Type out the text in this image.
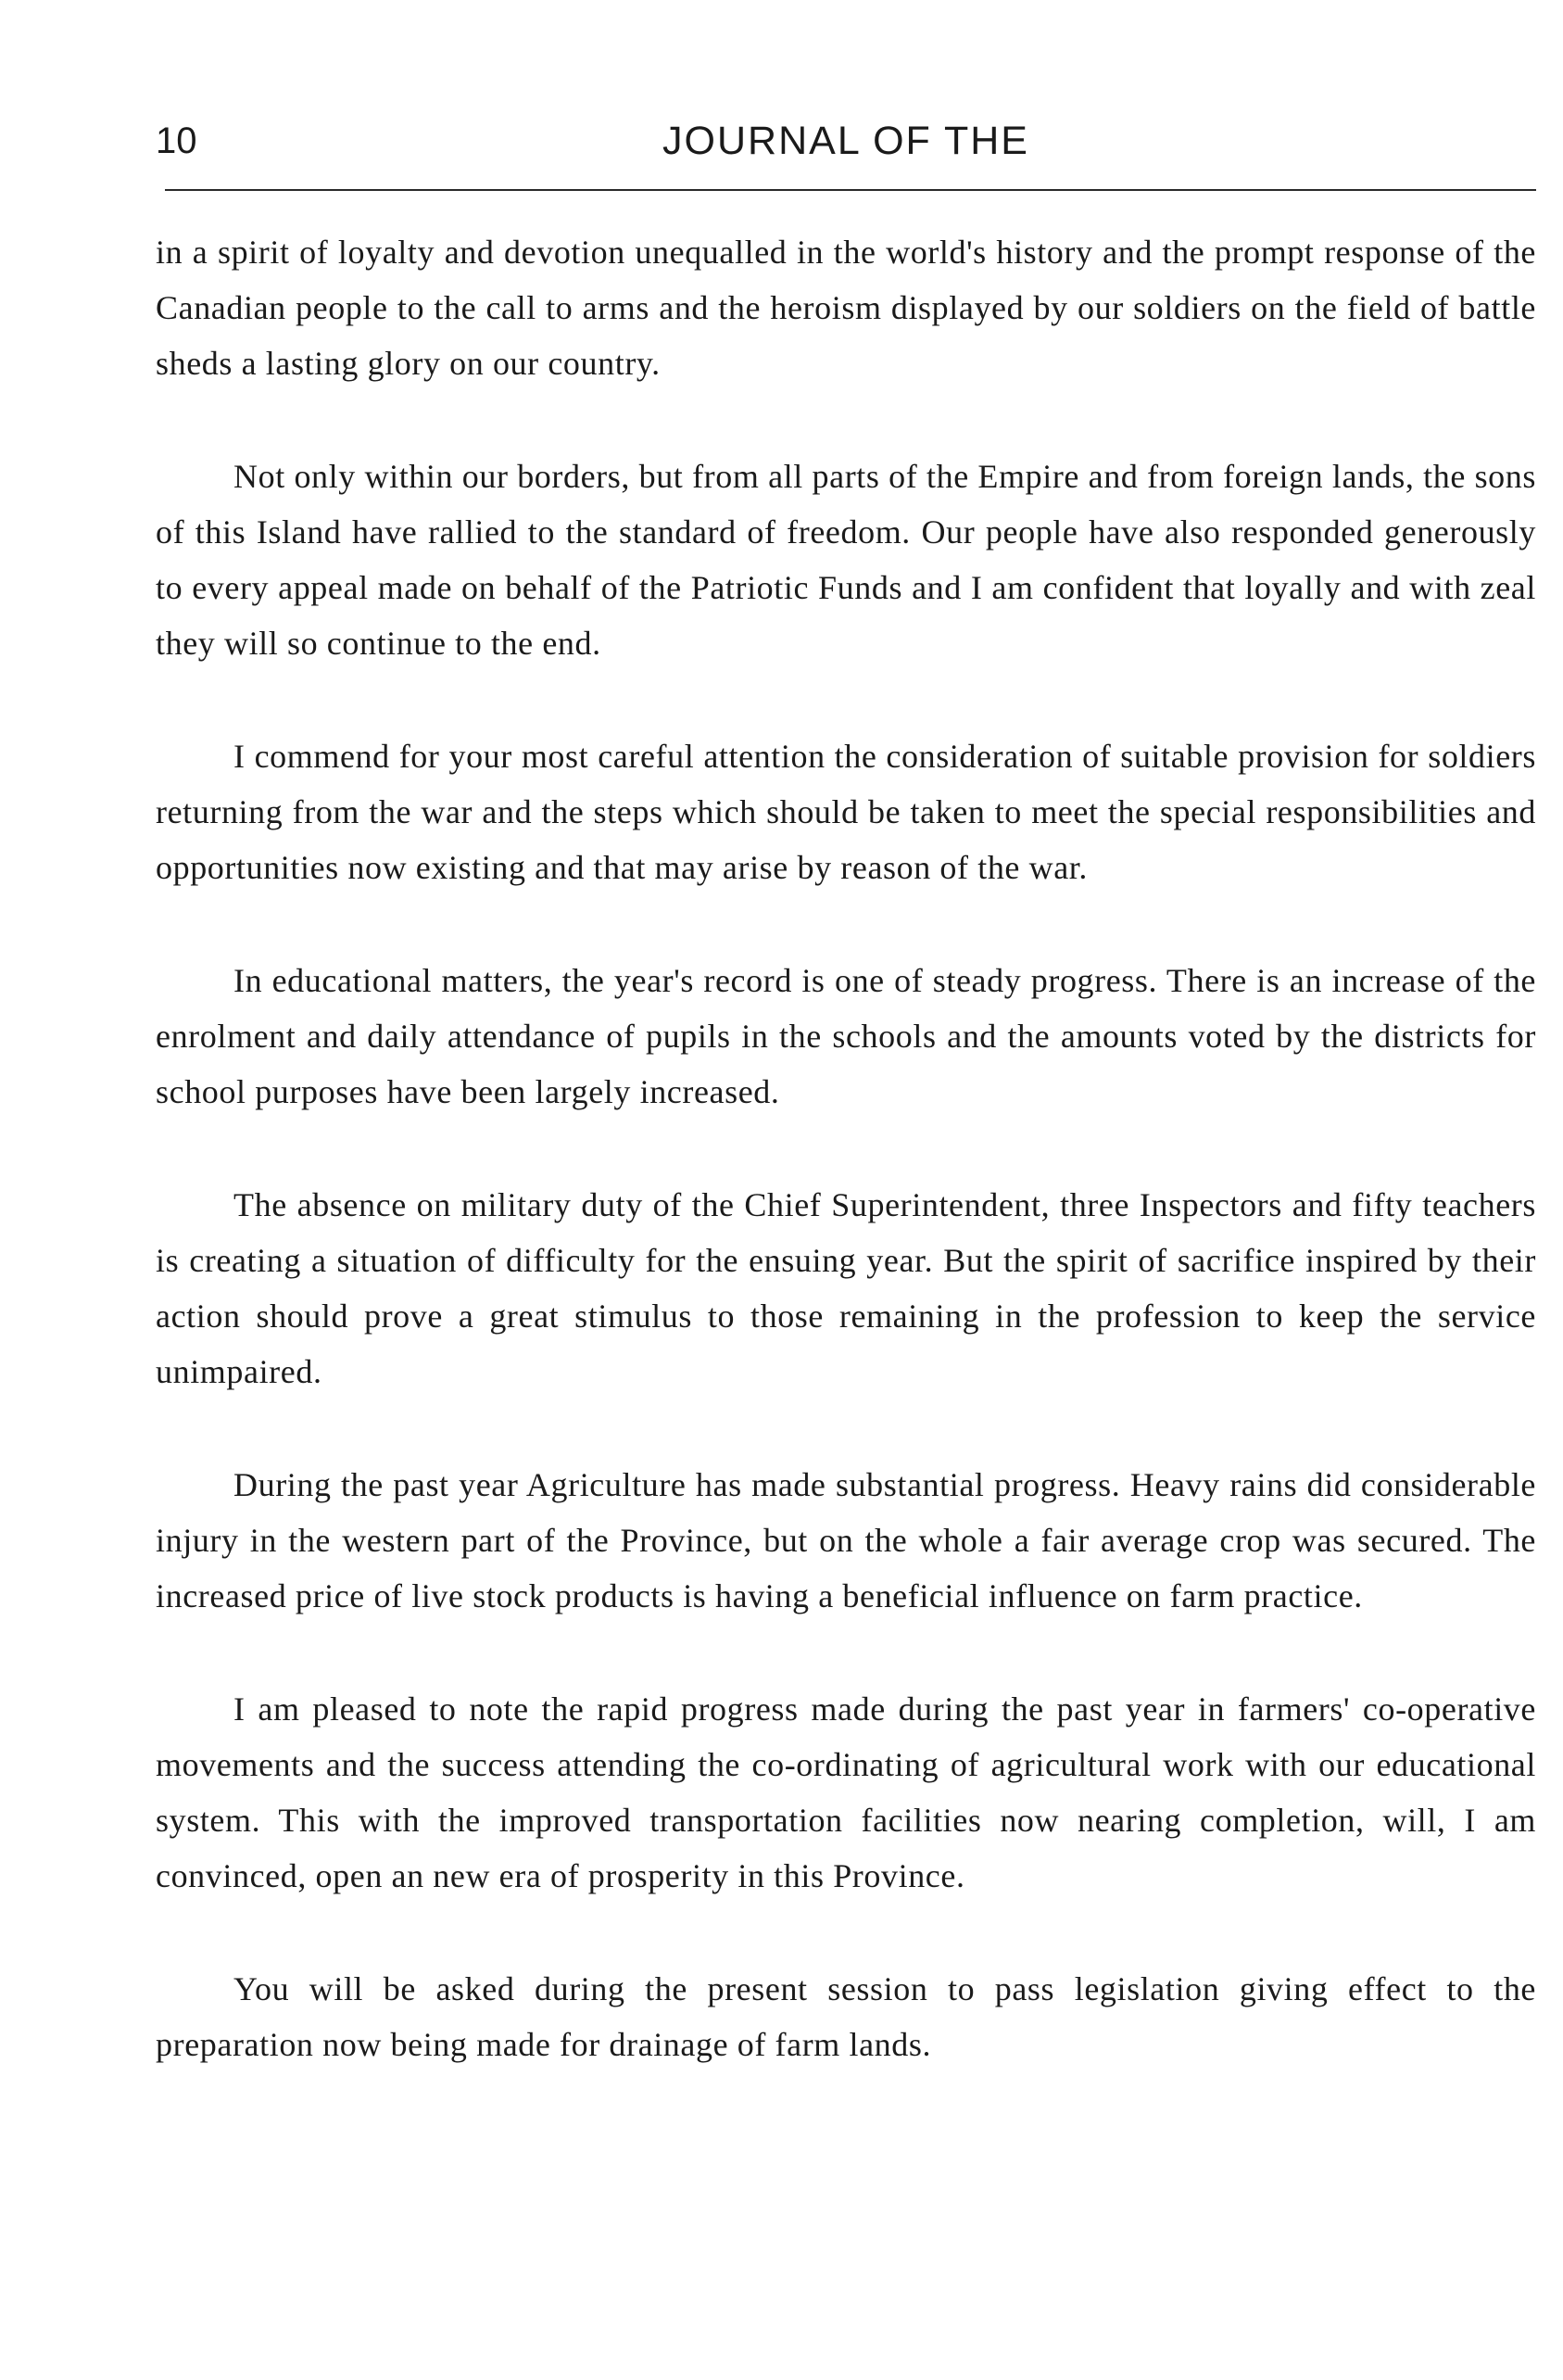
10	JOURNAL OF THE

in a spirit of loyalty and devotion unequalled in the world's history and the prompt response of the Canadian people to the call to arms and the heroism displayed by our soldiers on the field of battle sheds a lasting glory on our country.

Not only within our borders, but from all parts of the Empire and from foreign lands, the sons of this Island have rallied to the standard of freedom. Our people have also responded generously to every appeal made on behalf of the Patriotic Funds and I am confident that loyally and with zeal they will so continue to the end.

I commend for your most careful attention the consideration of suitable provision for soldiers returning from the war and the steps which should be taken to meet the special responsibilities and opportunities now existing and that may arise by reason of the war.

In educational matters, the year's record is one of steady progress. There is an increase of the enrolment and daily attendance of pupils in the schools and the amounts voted by the districts for school purposes have been largely increased.

The absence on military duty of the Chief Superintendent, three Inspectors and fifty teachers is creating a situation of difficulty for the ensuing year. But the spirit of sacrifice inspired by their action should prove a great stimulus to those remaining in the profession to keep the service unimpaired.

During the past year Agriculture has made substantial progress. Heavy rains did considerable injury in the western part of the Province, but on the whole a fair average crop was secured. The increased price of live stock products is having a beneficial influence on farm practice.

I am pleased to note the rapid progress made during the past year in farmers' co-operative movements and the success attending the co-ordinating of agricultural work with our educational system. This with the improved transportation facilities now nearing completion, will, I am convinced, open an new era of prosperity in this Province.

You will be asked during the present session to pass legislation giving effect to the preparation now being made for drainage of farm lands.
